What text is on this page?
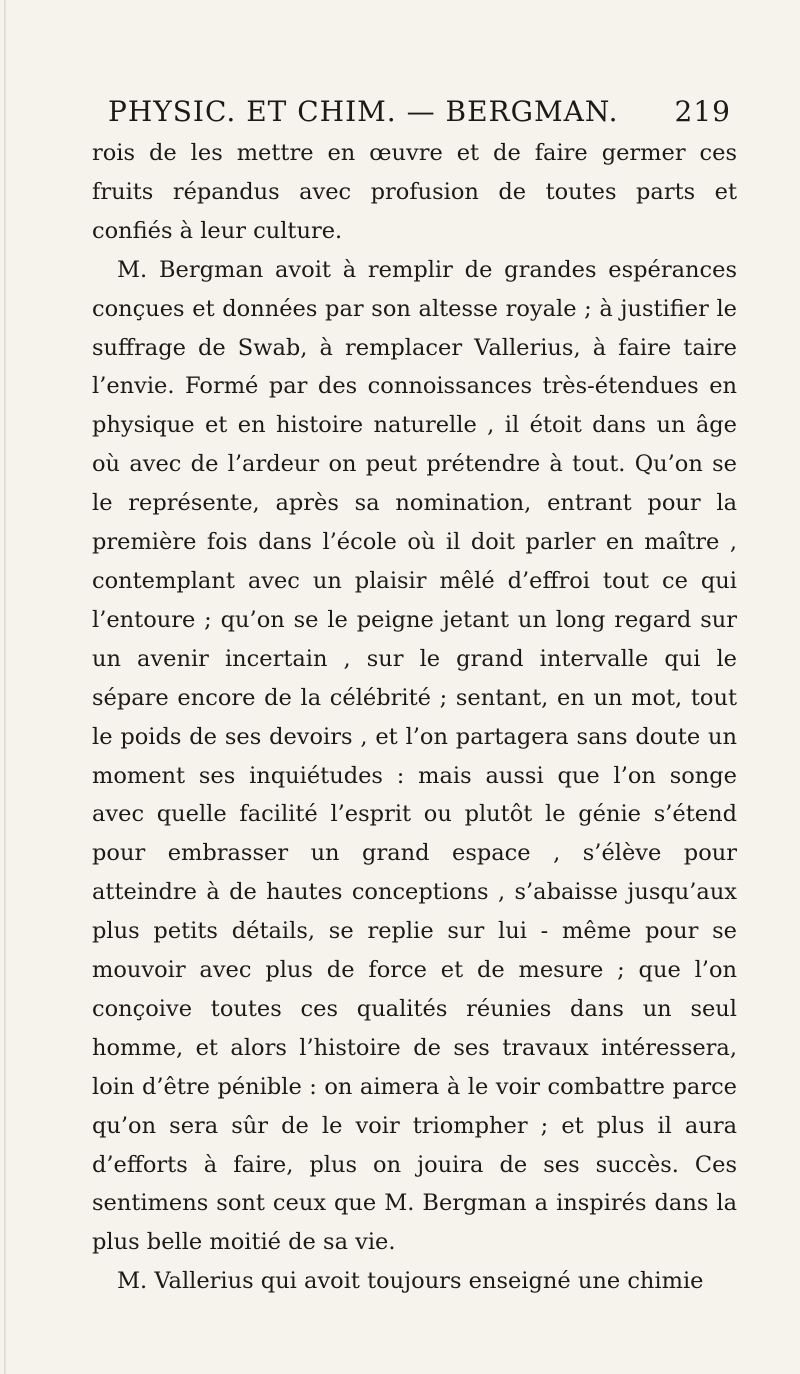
PHYSIC. ET CHIM. — BERGMAN. 219

rois de les mettre en œuvre et de faire germer ces fruits répandus avec profusion de toutes parts et confiés à leur culture.

M. Bergman avoit à remplir de grandes espérances conçues et données par son altesse royale ; à justifier le suffrage de Swab, à remplacer Vallerius, à faire taire l’envie. Formé par des connoissances très-étendues en physique et en histoire naturelle , il étoit dans un âge où avec de l’ardeur on peut prétendre à tout. Qu’on se le représente, après sa nomination, entrant pour la première fois dans l’école où il doit parler en maître , contemplant avec un plaisir mêlé d’effroi tout ce qui l’entoure ; qu’on se le peigne jetant un long regard sur un avenir incertain , sur le grand intervalle qui le sépare encore de la célébrité ; sentant, en un mot, tout le poids de ses devoirs , et l’on partagera sans doute un moment ses inquiétudes : mais aussi que l’on songe avec quelle facilité l’esprit ou plutôt le génie s’étend pour embrasser un grand espace , s’élève pour atteindre à de hautes conceptions , s’abaisse jusqu’aux plus petits détails, se replie sur lui - même pour se mouvoir avec plus de force et de mesure ; que l’on conçoive toutes ces qualités réunies dans un seul homme, et alors l’histoire de ses travaux intéressera, loin d’être pénible : on aimera à le voir combattre parce qu’on sera sûr de le voir triompher ; et plus il aura d’efforts à faire, plus on jouira de ses succès. Ces sentimens sont ceux que M. Bergman a inspirés dans la plus belle moitié de sa vie.

M. Vallerius qui avoit toujours enseigné une chimie
